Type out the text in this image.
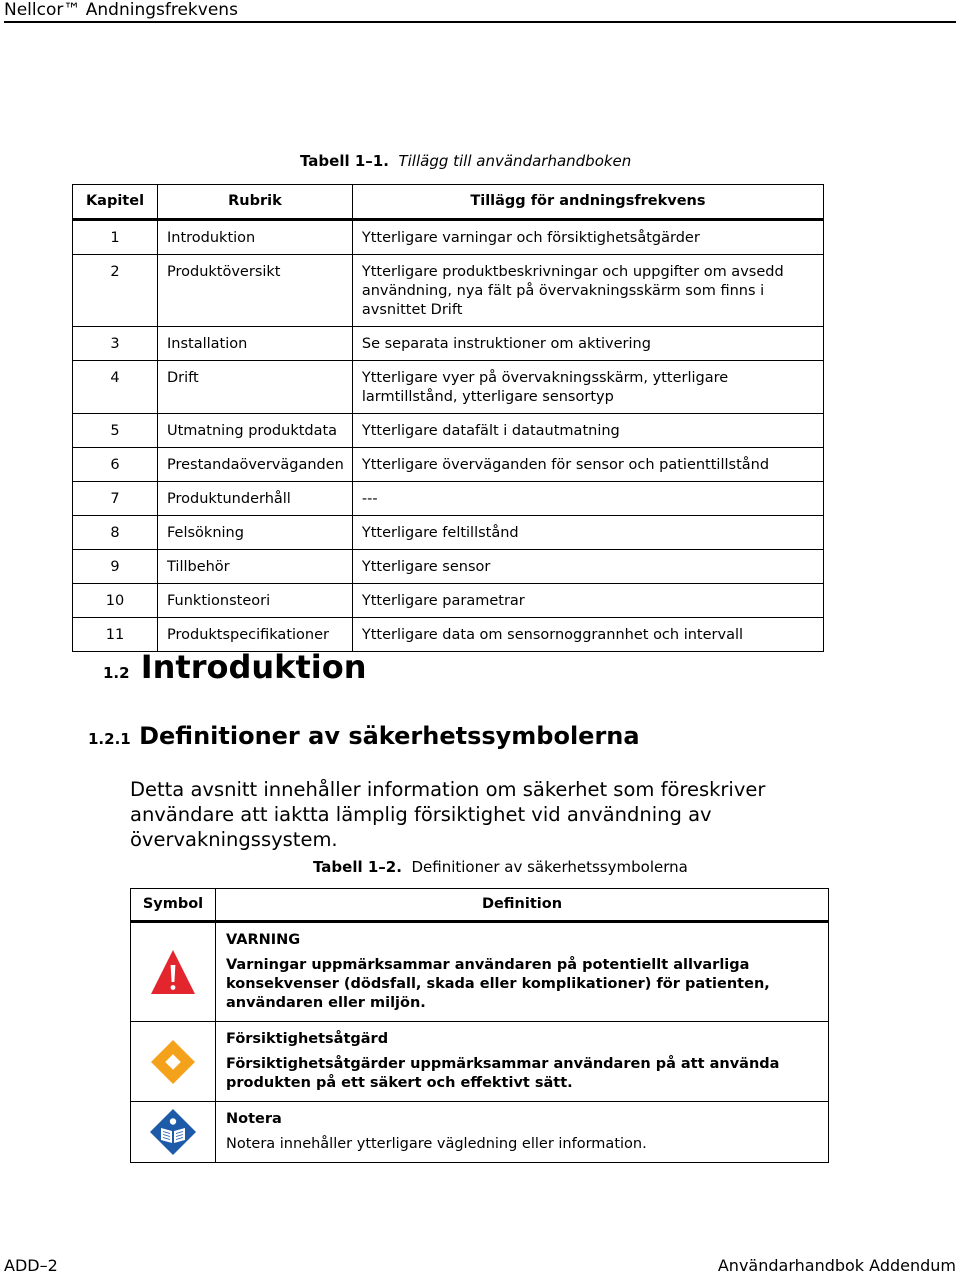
Nellcor™ Andningsfrekvens
Tabell 1–1. Tillägg till användarhandboken
Kapitel	Rubrik	Tillägg för andningsfrekvens
1	Introduktion	Ytterligare varningar och försiktighetsåtgärder
2	Produktöversikt	Ytterligare produktbeskrivningar och uppgifter om avsedd användning, nya fält på övervakningsskärm som finns i avsnittet Drift
3	Installation	Se separata instruktioner om aktivering
4	Drift	Ytterligare vyer på övervakningsskärm, ytterligare larmtillstånd, ytterligare sensortyp
5	Utmatning produktdata	Ytterligare datafält i datautmatning
6	Prestandaöverväganden	Ytterligare överväganden för sensor och patienttillstånd
7	Produktunderhåll	---
8	Felsökning	Ytterligare feltillstånd
9	Tillbehör	Ytterligare sensor
10	Funktionsteori	Ytterligare parametrar
11	Produktspecifikationer	Ytterligare data om sensornoggrannhet och intervall
1.2 Introduktion
1.2.1 Definitioner av säkerhetssymbolerna

Detta avsnitt innehåller information om säkerhet som föreskriver användare att iaktta lämplig försiktighet vid användning av övervakningssystem.

Tabell 1–2. Definitioner av säkerhetssymbolerna
Symbol	Definition

VARNING
Varningar uppmärksammar användaren på potentiellt allvarliga konsekvenser (dödsfall, skada eller komplikationer) för patienten, användaren eller miljön.

Försiktighetsåtgärd
Försiktighetsåtgärder uppmärksammar användaren på att använda produkten på ett säkert och effektivt sätt.

Notera
Notera innehåller ytterligare vägledning eller information.
ADD–2	Användarhandbok Addendum
